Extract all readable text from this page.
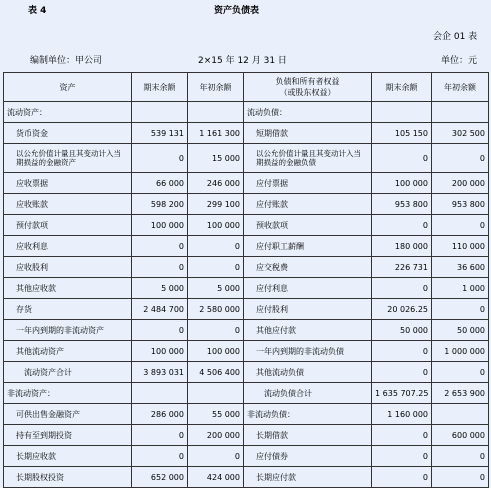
表 4	资产负债表
会企 01 表
编制单位：甲公司	2×15 年 12 月 31 日	单位：元
资产	期末余额	年初余额	负债和所有者权益
（或股东权益）	期末余额	年初余额
流动资产：			流动负债：		
货币资金	539 131	1 161 300	短期借款	105 150	302 500
以公允价值计量且其变动计入当期损益的金融资产	0	15 000	以公允价值计量且其变动计入当期损益的金融负债	0	0
应收票据	66 000	246 000	应付票据	100 000	200 000
应收账款	598 200	299 100	应付账款	953 800	953 800
预付款项	100 000	100 000	预收款项	0	0
应收利息	0	0	应付职工薪酬	180 000	110 000
应收股利	0	0	应交税费	226 731	36 600
其他应收款	5 000	5 000	应付利息	0	1 000
存货	2 484 700	2 580 000	应付股利	20 026.25	0
一年内到期的非流动资产	0	0	其他应付款	50 000	50 000
其他流动资产	100 000	100 000	一年内到期的非流动负债	0	1 000 000
流动资产合计	3 893 031	4 506 400	其他流动负债	0	0
非流动资产：			流动负债合计	1 635 707.25	2 653 900
可供出售金融资产	286 000	55 000	非流动负债：	1 160 000	
持有至到期投资	0	200 000	长期借款	0	600 000
长期应收款	0	0	应付债券	0	0
长期股权投资	652 000	424 000	长期应付款	0	0
